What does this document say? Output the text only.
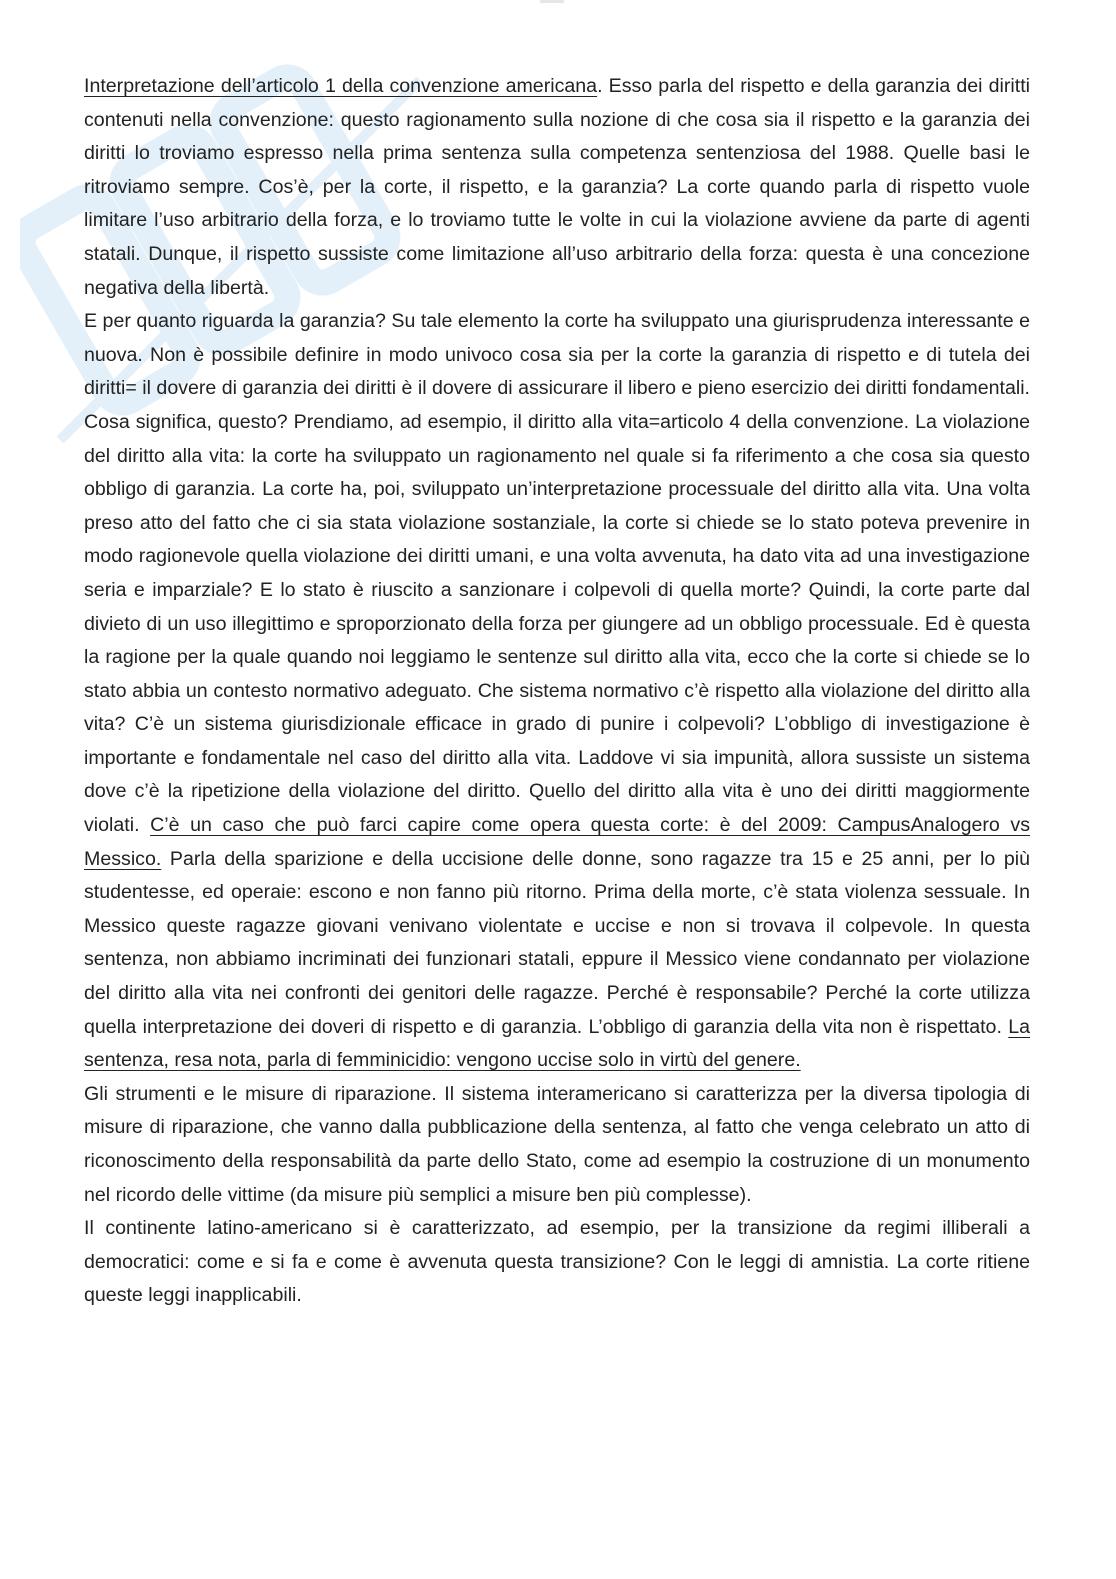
Interpretazione dell’articolo 1 della convenzione americana. Esso parla del rispetto e della garanzia dei diritti contenuti nella convenzione: questo ragionamento sulla nozione di che cosa sia il rispetto e la garanzia dei diritti lo troviamo espresso nella prima sentenza sulla competenza sentenziosa del 1988. Quelle basi le ritroviamo sempre. Cos’è, per la corte, il rispetto, e la garanzia? La corte quando parla di rispetto vuole limitare l’uso arbitrario della forza, e lo troviamo tutte le volte in cui la violazione avviene da parte di agenti statali. Dunque, il rispetto sussiste come limitazione all’uso arbitrario della forza: questa è una concezione negativa della libertà.

E per quanto riguarda la garanzia? Su tale elemento la corte ha sviluppato una giurisprudenza interessante e nuova. Non è possibile definire in modo univoco cosa sia per la corte la garanzia di rispetto e di tutela dei diritti= il dovere di garanzia dei diritti è il dovere di assicurare il libero e pieno esercizio dei diritti fondamentali. Cosa significa, questo? Prendiamo, ad esempio, il diritto alla vita=articolo 4 della convenzione. La violazione del diritto alla vita: la corte ha sviluppato un ragionamento nel quale si fa riferimento a che cosa sia questo obbligo di garanzia. La corte ha, poi, sviluppato un’interpretazione processuale del diritto alla vita. Una volta preso atto del fatto che ci sia stata violazione sostanziale, la corte si chiede se lo stato poteva prevenire in modo ragionevole quella violazione dei diritti umani, e una volta avvenuta, ha dato vita ad una investigazione seria e imparziale? E lo stato è riuscito a sanzionare i colpevoli di quella morte? Quindi, la corte parte dal divieto di un uso illegittimo e sproporzionato della forza per giungere ad un obbligo processuale. Ed è questa la ragione per la quale quando noi leggiamo le sentenze sul diritto alla vita, ecco che la corte si chiede se lo stato abbia un contesto normativo adeguato. Che sistema normativo c’è rispetto alla violazione del diritto alla vita? C’è un sistema giurisdizionale efficace in grado di punire i colpevoli? L’obbligo di investigazione è importante e fondamentale nel caso del diritto alla vita. Laddove vi sia impunità, allora sussiste un sistema dove c’è la ripetizione della violazione del diritto. Quello del diritto alla vita è uno dei diritti maggiormente violati. C’è un caso che può farci capire come opera questa corte: è del 2009: CampusAnalogero vs Messico. Parla della sparizione e della uccisione delle donne, sono ragazze tra 15 e 25 anni, per lo più studentesse, ed operaie: escono e non fanno più ritorno. Prima della morte, c’è stata violenza sessuale. In Messico queste ragazze giovani venivano violentate e uccise e non si trovava il colpevole. In questa sentenza, non abbiamo incriminati dei funzionari statali, eppure il Messico viene condannato per violazione del diritto alla vita nei confronti dei genitori delle ragazze. Perché è responsabile? Perché la corte utilizza quella interpretazione dei doveri di rispetto e di garanzia. L’obbligo di garanzia della vita non è rispettato. La sentenza, resa nota, parla di femminicidio: vengono uccise solo in virtù del genere.

Gli strumenti e le misure di riparazione. Il sistema interamericano si caratterizza per la diversa tipologia di misure di riparazione, che vanno dalla pubblicazione della sentenza, al fatto che venga celebrato un atto di riconoscimento della responsabilità da parte dello Stato, come ad esempio la costruzione di un monumento nel ricordo delle vittime (da misure più semplici a misure ben più complesse).

Il continente latino-americano si è caratterizzato, ad esempio, per la transizione da regimi illiberali a democratici: come e si fa e come è avvenuta questa transizione? Con le leggi di amnistia. La corte ritiene queste leggi inapplicabili.
